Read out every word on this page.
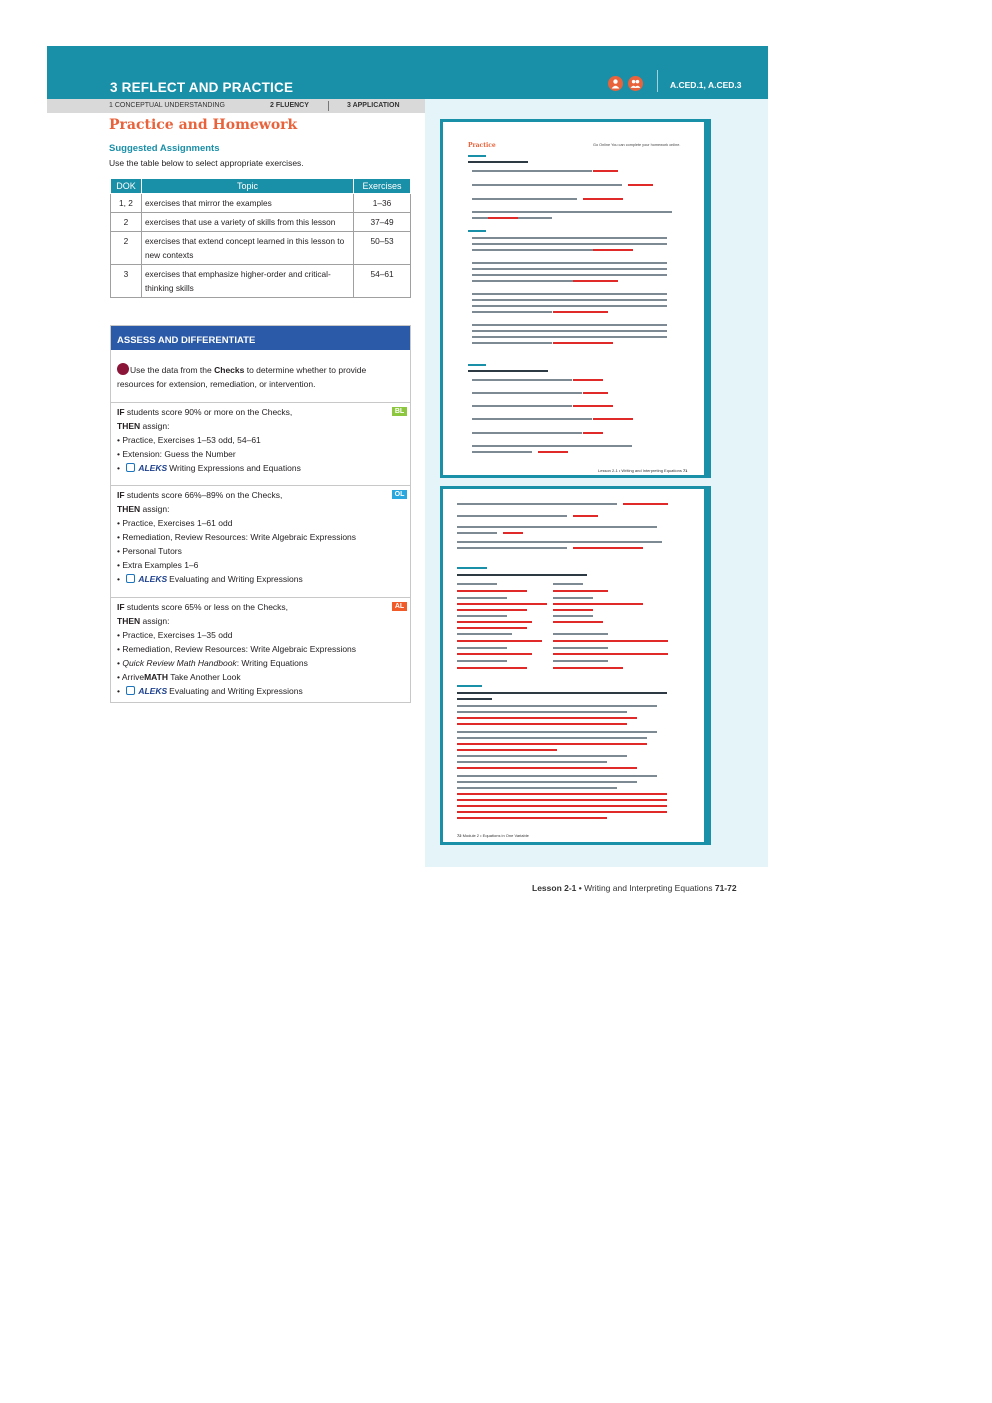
3 REFLECT AND PRACTICE	A.CED.1, A.CED.3
1 CONCEPTUAL UNDERSTANDING	2 FLUENCY	3 APPLICATION
Practice and Homework
Suggested Assignments
Use the table below to select appropriate exercises.
DOK	Topic	Exercises
1, 2	exercises that mirror the examples	1–36
2	exercises that use a variety of skills from this lesson	37–49
2	exercises that extend concept learned in this lesson to new contexts	50–53
3	exercises that emphasize higher-order and critical-thinking skills	54–61
ASSESS AND DIFFERENTIATE
Use the data from the Checks to determine whether to provide resources for extension, remediation, or intervention.
BL
IF students score 90% or more on the Checks,
THEN assign:
• Practice, Exercises 1–53 odd, 54–61
• Extension: Guess the Number
• ALEKS Writing Expressions and Equations
OL
IF students score 66%–89% on the Checks,
THEN assign:
• Practice, Exercises 1–61 odd
• Remediation, Review Resources: Write Algebraic Expressions
• Personal Tutors
• Extra Examples 1–6
• ALEKS Evaluating and Writing Expressions
AL
IF students score 65% or less on the Checks,
THEN assign:
• Practice, Exercises 1–35 odd
• Remediation, Review Resources: Write Algebraic Expressions
• Quick Review Math Handbook: Writing Equations
• ArriveMATH Take Another Look
• ALEKS Evaluating and Writing Expressions
Practice	Go Online You can complete your homework online.
Lesson 2-1 • Writing and Interpreting Equations 71
72 Module 2 • Equations in One Variable
Lesson 2-1 • Writing and Interpreting Equations 71-72
